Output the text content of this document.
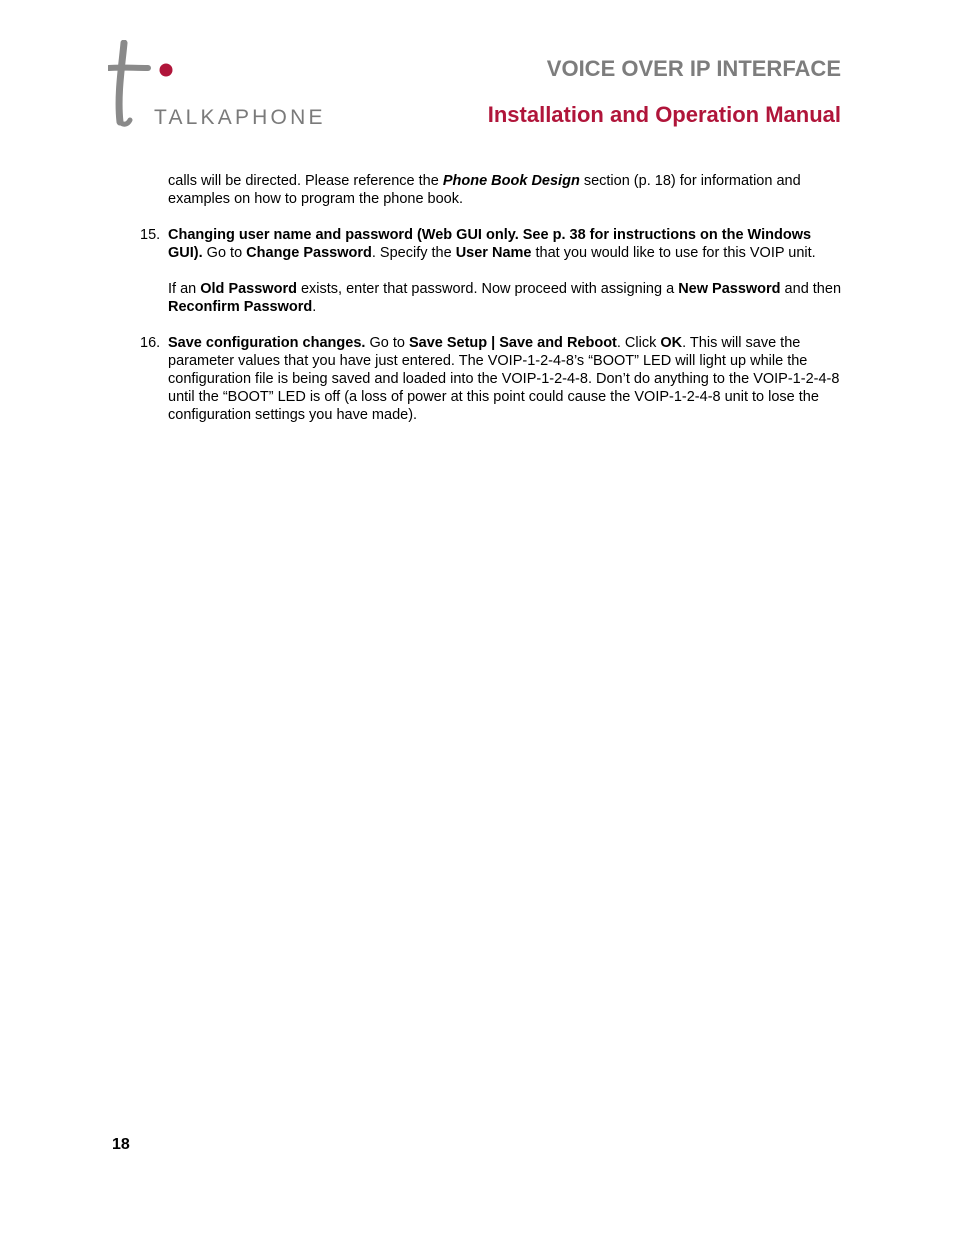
TALKAPHONE
VOICE OVER IP INTERFACE
Installation and Operation Manual

calls will be directed. Please reference the Phone Book Design section (p. 18) for information and examples on how to program the phone book.

15. Changing user name and password (Web GUI only. See p. 38 for instructions on the Windows GUI). Go to Change Password. Specify the User Name that you would like to use for this VOIP unit.

If an Old Password exists, enter that password. Now proceed with assigning a New Password and then Reconfirm Password.

16. Save configuration changes. Go to Save Setup | Save and Reboot. Click OK. This will save the parameter values that you have just entered. The VOIP-1-2-4-8’s “BOOT” LED will light up while the configuration file is being saved and loaded into the VOIP-1-2-4-8. Don’t do anything to the VOIP-1-2-4-8 until the “BOOT” LED is off (a loss of power at this point could cause the VOIP-1-2-4-8 unit to lose the configuration settings you have made).

18
